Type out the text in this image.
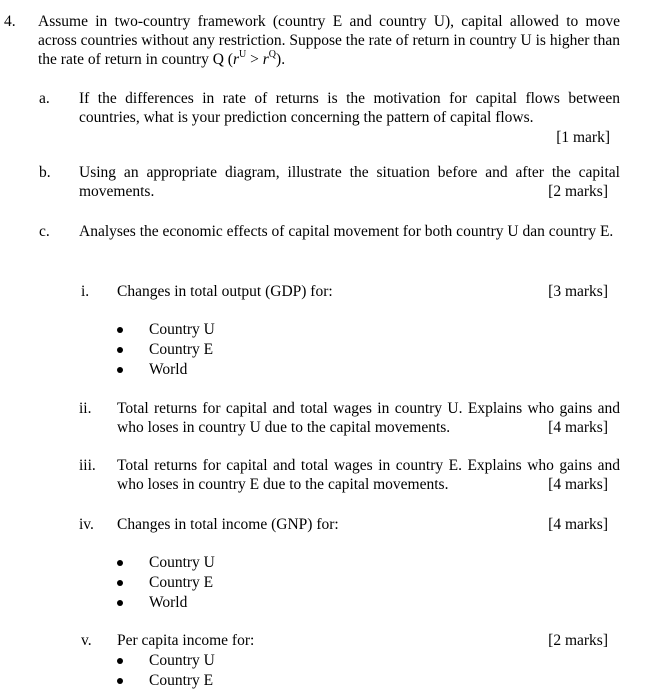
4. Assume in two-country framework (country E and country U), capital allowed to move across countries without any restriction. Suppose the rate of return in country U is higher than the rate of return in country Q $(r^U > r^Q)$.
a. If the differences in rate of returns is the motivation for capital flows between countries, what is your prediction concerning the pattern of capital flows.
[1 mark]
b. Using an appropriate diagram, illustrate the situation before and after the capital movements.	[2 marks]
c. Analyses the economic effects of capital movement for both country U dan country E.
i. Changes in total output (GDP) for:	[3 marks]
Country U
Country E
World
ii. Total returns for capital and total wages in country U. Explains who gains and who loses in country U due to the capital movements.	[4 marks]
iii. Total returns for capital and total wages in country E. Explains who gains and who loses in country E due to the capital movements.	[4 marks]
iv. Changes in total income (GNP) for:	[4 marks]
Country U
Country E
World
v. Per capita income for:	[2 marks]
Country U
Country E
